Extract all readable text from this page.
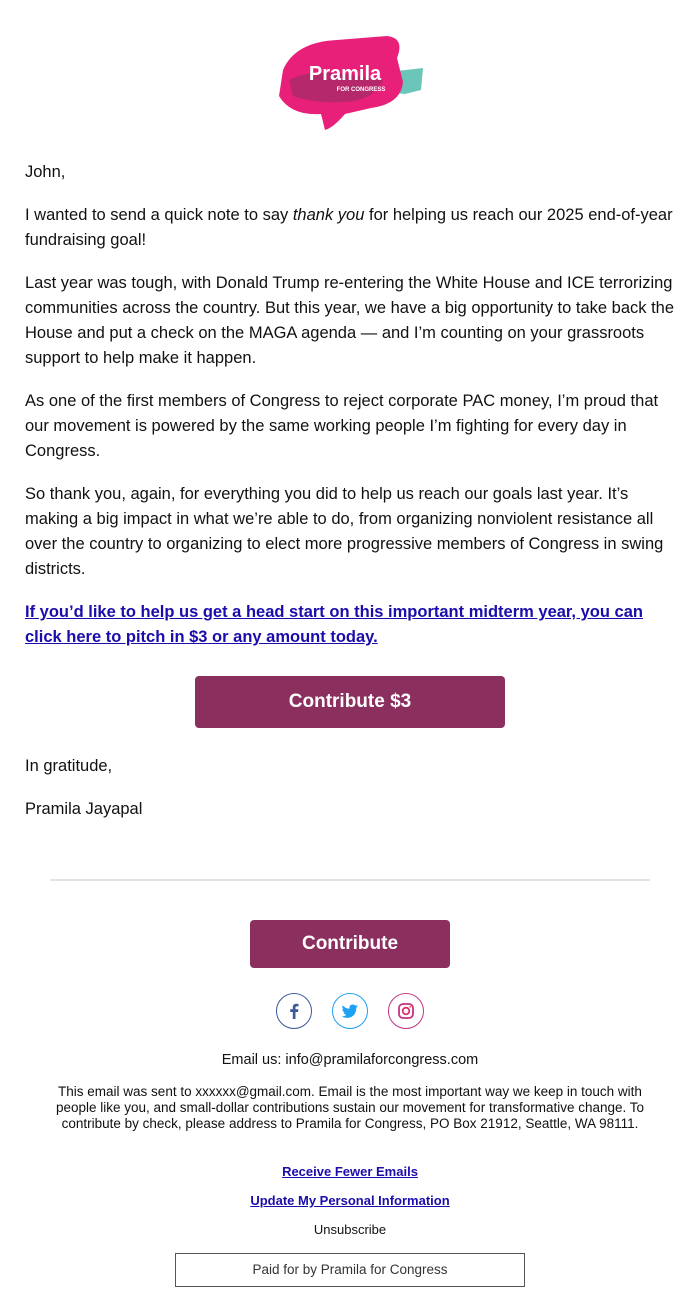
Pramila
FOR CONGRESS

John,

I wanted to send a quick note to say thank you for helping us reach our 2025 end-of-year fundraising goal!

Last year was tough, with Donald Trump re-entering the White House and ICE terrorizing communities across the country. But this year, we have a big opportunity to take back the House and put a check on the MAGA agenda — and I’m counting on your grassroots support to help make it happen.

As one of the first members of Congress to reject corporate PAC money, I’m proud that our movement is powered by the same working people I’m fighting for every day in Congress.

So thank you, again, for everything you did to help us reach our goals last year. It’s making a big impact in what we’re able to do, from organizing nonviolent resistance all over the country to organizing to elect more progressive members of Congress in swing districts.

If you’d like to help us get a head start on this important midterm year, you can click here to pitch in $3 or any amount today.
Contribute $3

In gratitude,

Pramila Jayapal

Contribute
Email us: info@pramilaforcongress.com
This email was sent to xxxxxx@gmail.com. Email is the most important way we keep in touch with people like you, and small-dollar contributions sustain our movement for transformative change. To contribute by check, please address to Pramila for Congress, PO Box 21912, Seattle, WA 98111.
Receive Fewer Emails
Update My Personal Information
Unsubscribe
Paid for by Pramila for Congress
